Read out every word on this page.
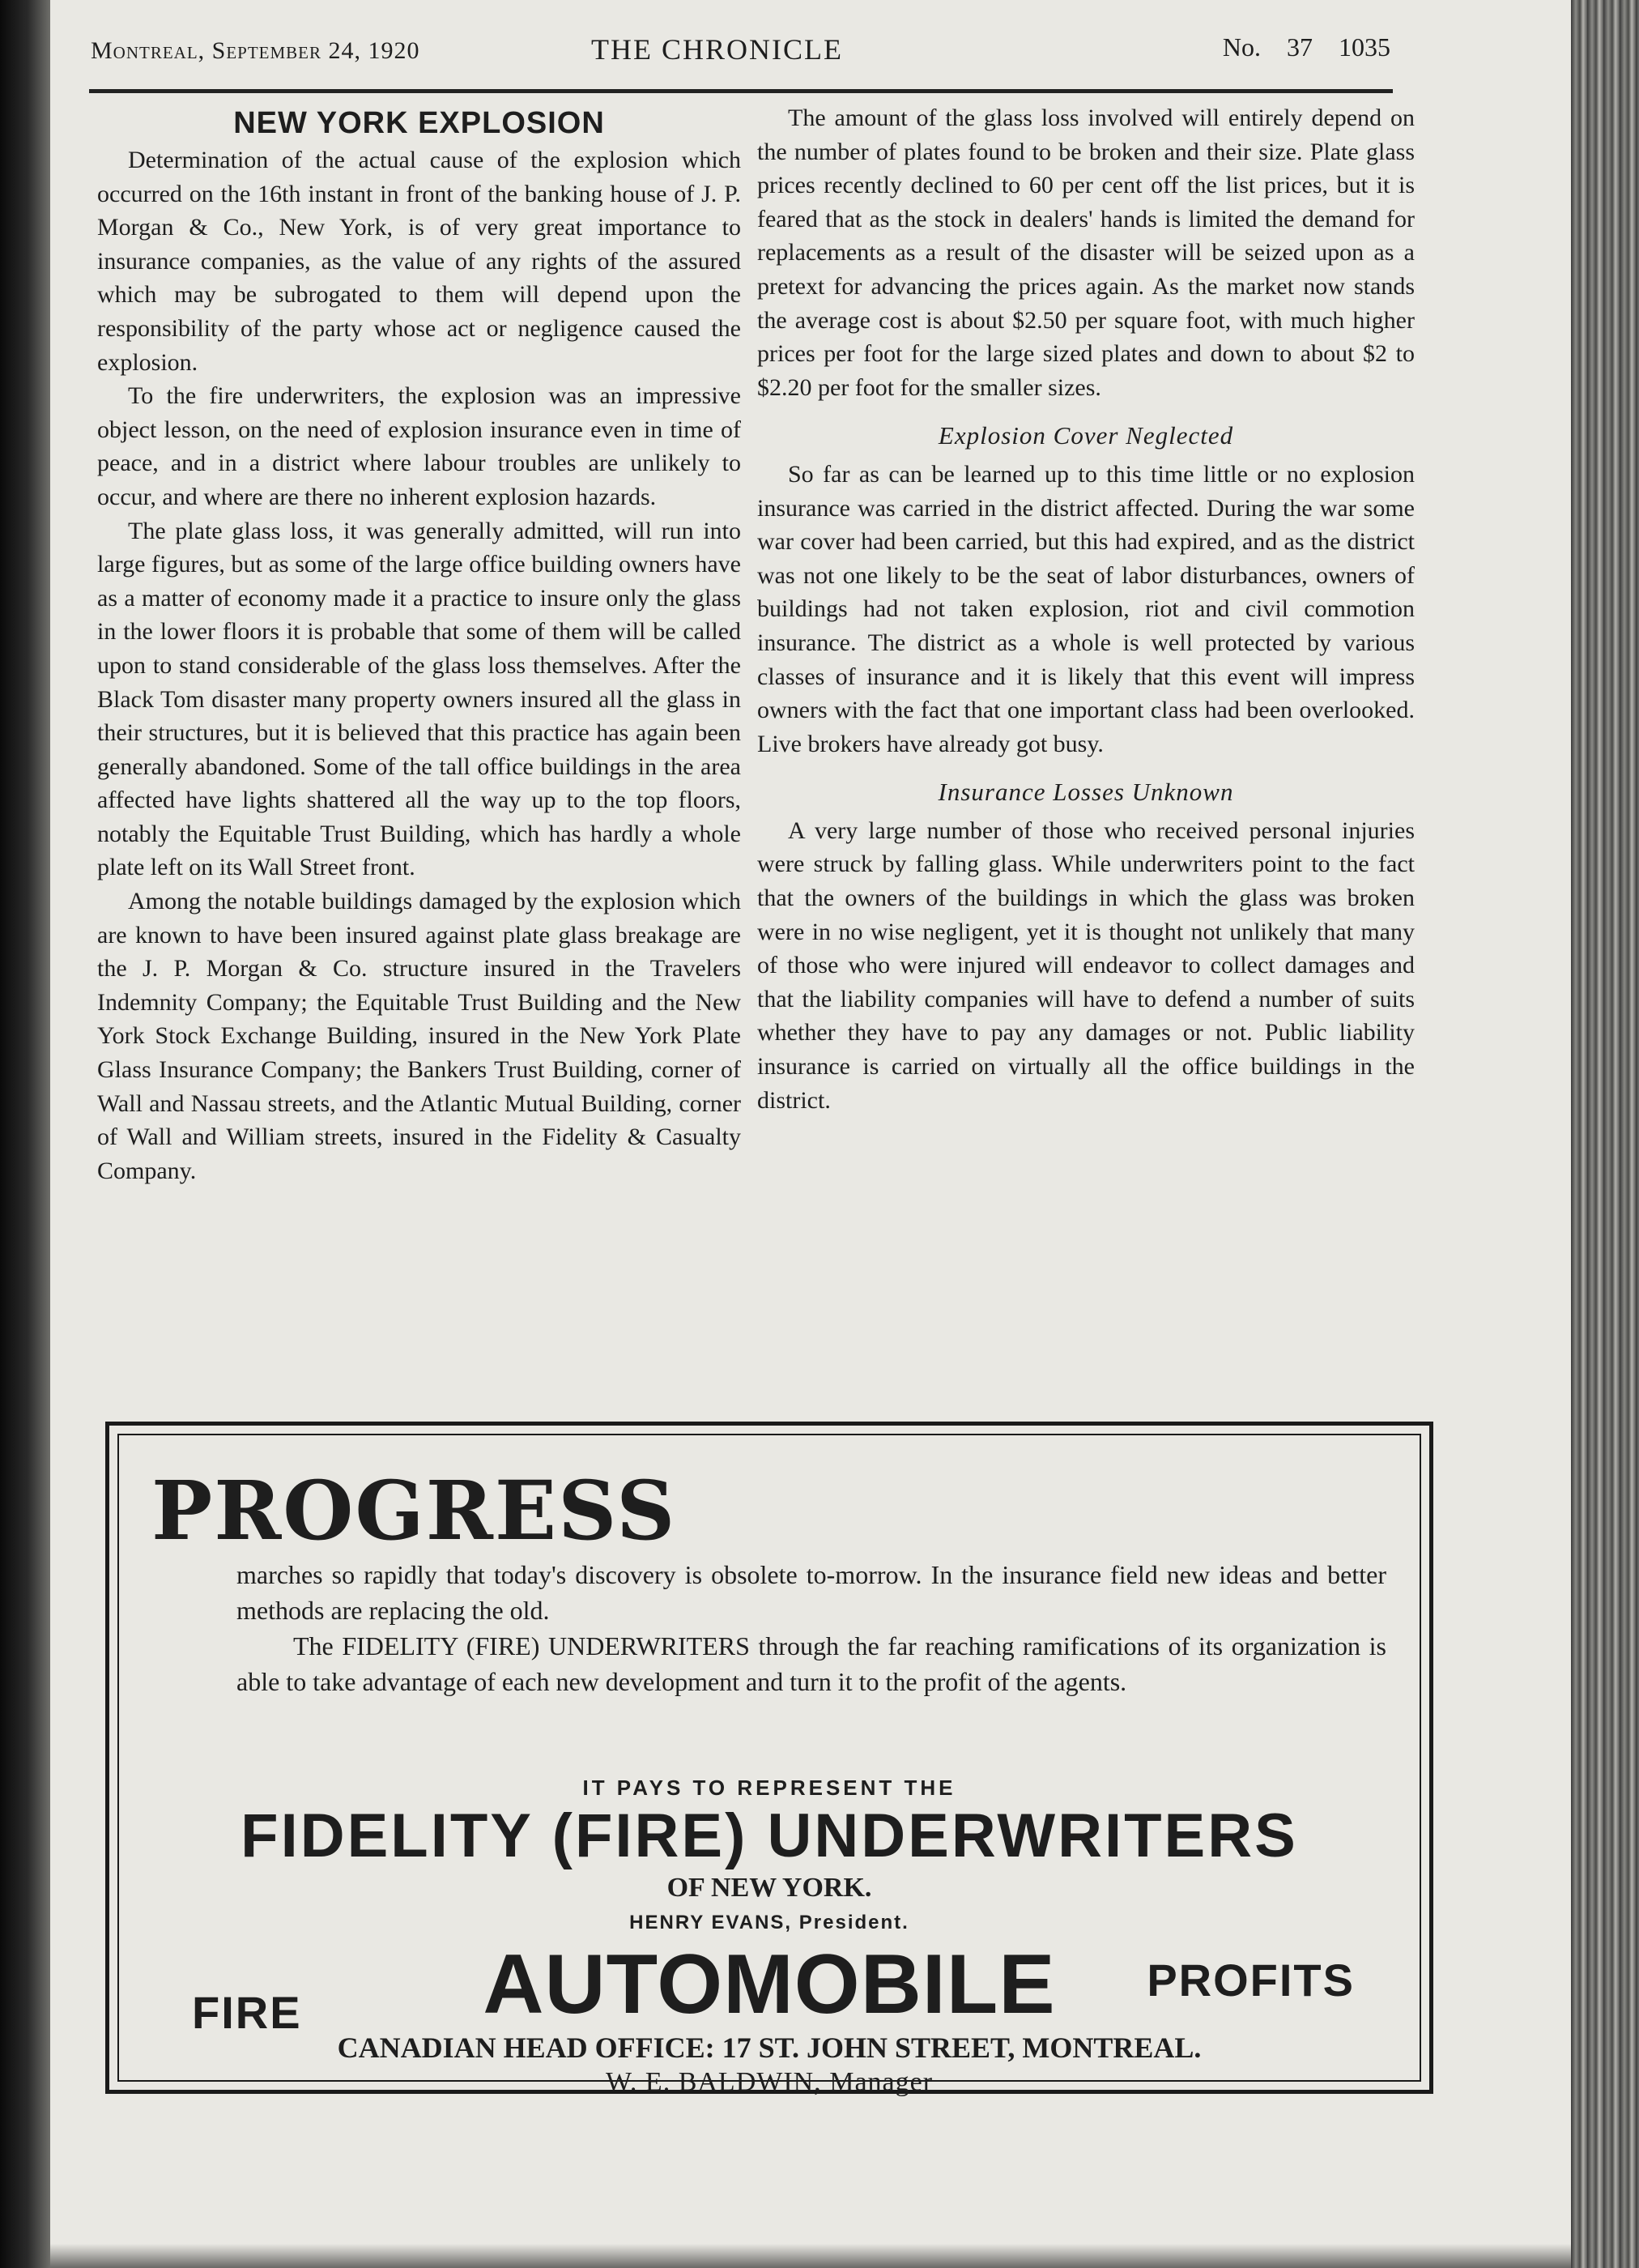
Montreal, September 24, 1920	THE CHRONICLE	No. 37 1035
NEW YORK EXPLOSION

Determination of the actual cause of the explosion which occurred on the 16th instant in front of the banking house of J. P. Morgan & Co., New York, is of very great importance to insurance companies, as the value of any rights of the assured which may be subrogated to them will depend upon the responsibility of the party whose act or negligence caused the explosion.

To the fire underwriters, the explosion was an impressive object lesson, on the need of explosion insurance even in time of peace, and in a district where labour troubles are unlikely to occur, and where are there no inherent explosion hazards.

The plate glass loss, it was generally admitted, will run into large figures, but as some of the large office building owners have as a matter of economy made it a practice to insure only the glass in the lower floors it is probable that some of them will be called upon to stand considerable of the glass loss themselves. After the Black Tom disaster many property owners insured all the glass in their structures, but it is believed that this practice has again been generally abandoned. Some of the tall office buildings in the area affected have lights shattered all the way up to the top floors, notably the Equitable Trust Building, which has hardly a whole plate left on its Wall Street front.

Among the notable buildings damaged by the explosion which are known to have been insured against plate glass breakage are the J. P. Morgan & Co. structure insured in the Travelers Indemnity Company; the Equitable Trust Building and the New York Stock Exchange Building, insured in the New York Plate Glass Insurance Company; the Bankers Trust Building, corner of Wall and Nassau streets, and the Atlantic Mutual Building, corner of Wall and William streets, insured in the Fidelity & Casualty Company.

The amount of the glass loss involved will entirely depend on the number of plates found to be broken and their size. Plate glass prices recently declined to 60 per cent off the list prices, but it is feared that as the stock in dealers' hands is limited the demand for replacements as a result of the disaster will be seized upon as a pretext for advancing the prices again. As the market now stands the average cost is about $2.50 per square foot, with much higher prices per foot for the large sized plates and down to about $2 to $2.20 per foot for the smaller sizes.

Explosion Cover Neglected

So far as can be learned up to this time little or no explosion insurance was carried in the district affected. During the war some war cover had been carried, but this had expired, and as the district was not one likely to be the seat of labor disturbances, owners of buildings had not taken explosion, riot and civil commotion insurance. The district as a whole is well protected by various classes of insurance and it is likely that this event will impress owners with the fact that one important class had been overlooked. Live brokers have already got busy.

Insurance Losses Unknown

A very large number of those who received personal injuries were struck by falling glass. While underwriters point to the fact that the owners of the buildings in which the glass was broken were in no wise negligent, yet it is thought not unlikely that many of those who were injured will endeavor to collect damages and that the liability companies will have to defend a number of suits whether they have to pay any damages or not. Public liability insurance is carried on virtually all the office buildings in the district.

PROGRESS

marches so rapidly that today's discovery is obsolete to-morrow. In the insurance field new ideas and better methods are replacing the old.

The FIDELITY (FIRE) UNDERWRITERS through the far reaching ramifications of its organization is able to take advantage of each new development and turn it to the profit of the agents.

IT PAYS TO REPRESENT THE
FIDELITY (FIRE) UNDERWRITERS
OF NEW YORK.
HENRY EVANS, President.
AUTOMOBILE
FIRE
PROFITS
CANADIAN HEAD OFFICE: 17 ST. JOHN STREET, MONTREAL.
W. E. BALDWIN, Manager
